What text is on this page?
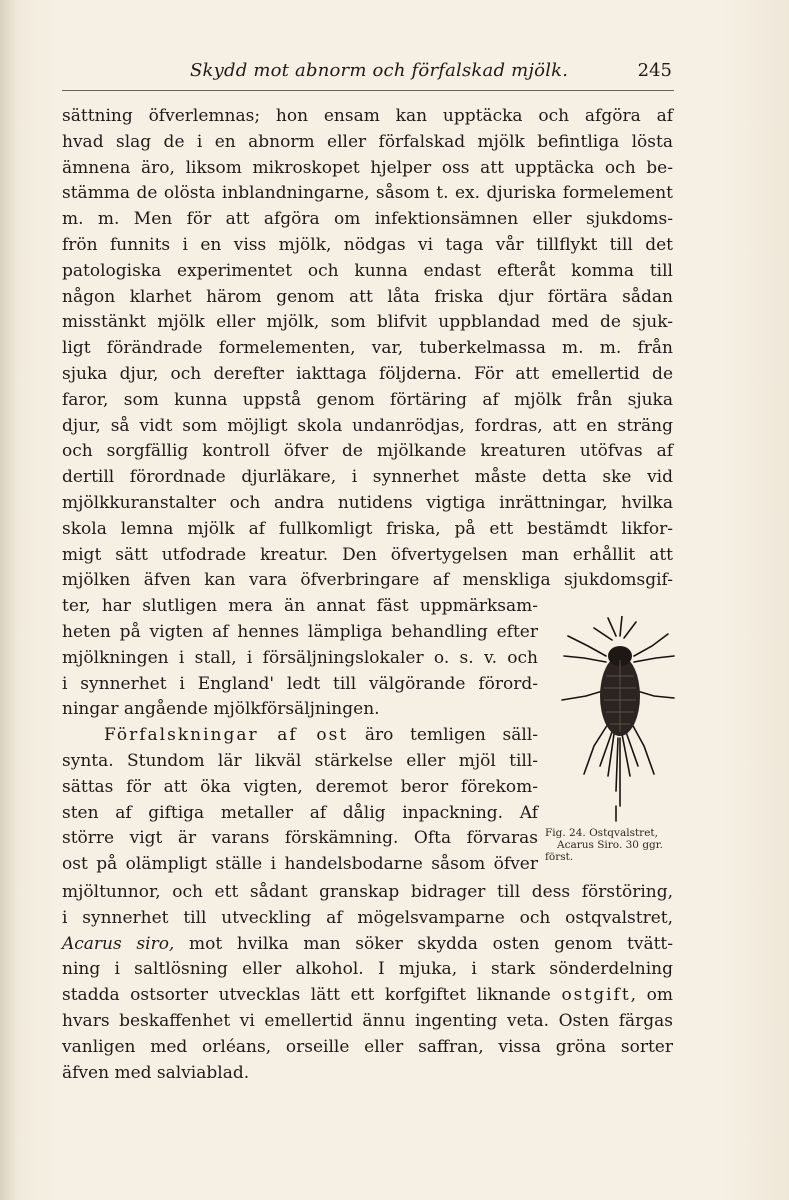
Skydd mot abnorm och förfalskad mjölk.	245
sättning öfverlemnas; hon ensam kan upptäcka och afgöra af
hvad slag de i en abnorm eller förfalskad mjölk befintliga lösta
ämnena äro, liksom mikroskopet hjelper oss att upptäcka och be-
stämma de olösta inblandningarne, såsom t. ex. djuriska formelement
m. m. Men för att afgöra om infektionsämnen eller sjukdoms-
frön funnits i en viss mjölk, nödgas vi taga vår tillflykt till det
patologiska experimentet och kunna endast efteråt komma till
någon klarhet härom genom att låta friska djur förtära sådan
misstänkt mjölk eller mjölk, som blifvit uppblandad med de sjuk-
ligt förändrade formelementen, var, tuberkelmassa m. m. från
sjuka djur, och derefter iakttaga följderna. För att emellertid de
faror, som kunna uppstå genom förtäring af mjölk från sjuka
djur, så vidt som möjligt skola undanrödjas, fordras, att en sträng
och sorgfällig kontroll öfver de mjölkande kreaturen utöfvas af
dertill förordnade djurläkare, i synnerhet måste detta ske vid
mjölkkuranstalter och andra nutidens vigtiga inrättningar, hvilka
skola lemna mjölk af fullkomligt friska, på ett bestämdt likfor-
migt sätt utfodrade kreatur. Den öfvertygelsen man erhållit att
mjölken äfven kan vara öfverbringare af menskliga sjukdomsgif-
ter, har slutligen mera än annat fäst uppmärksam-
heten på vigten af hennes lämpliga behandling efter
mjölkningen i stall, i försäljningslokaler o. s. v. och
i synnerhet i England' ledt till välgörande förord-
ningar angående mjölkförsäljningen.
Förfalskningar af ost äro temligen säll-
synta. Stundom lär likväl stärkelse eller mjöl till-
sättas för att öka vigten, deremot beror förekom-
sten af giftiga metaller af dålig inpackning. Af
större vigt är varans förskämning. Ofta förvaras
ost på olämpligt ställe i handelsbodarne såsom öfver
mjöltunnor, och ett sådant granskap bidrager till dess förstöring,
i synnerhet till utveckling af mögelsvamparne och ostqvalstret,
Acarus siro, mot hvilka man söker skydda osten genom tvätt-
ning i saltlösning eller alkohol. I mjuka, i stark sönderdelning
stadda ostsorter utvecklas lätt ett korfgiftet liknande ostgift, om
hvars beskaffenhet vi emellertid ännu ingenting veta. Osten färgas
vanligen med orléans, orseille eller saffran, vissa gröna sorter
äfven med salviablad.
Fig. 24. Ostqvalstret,
Acarus Siro. 30 ggr.
först.
